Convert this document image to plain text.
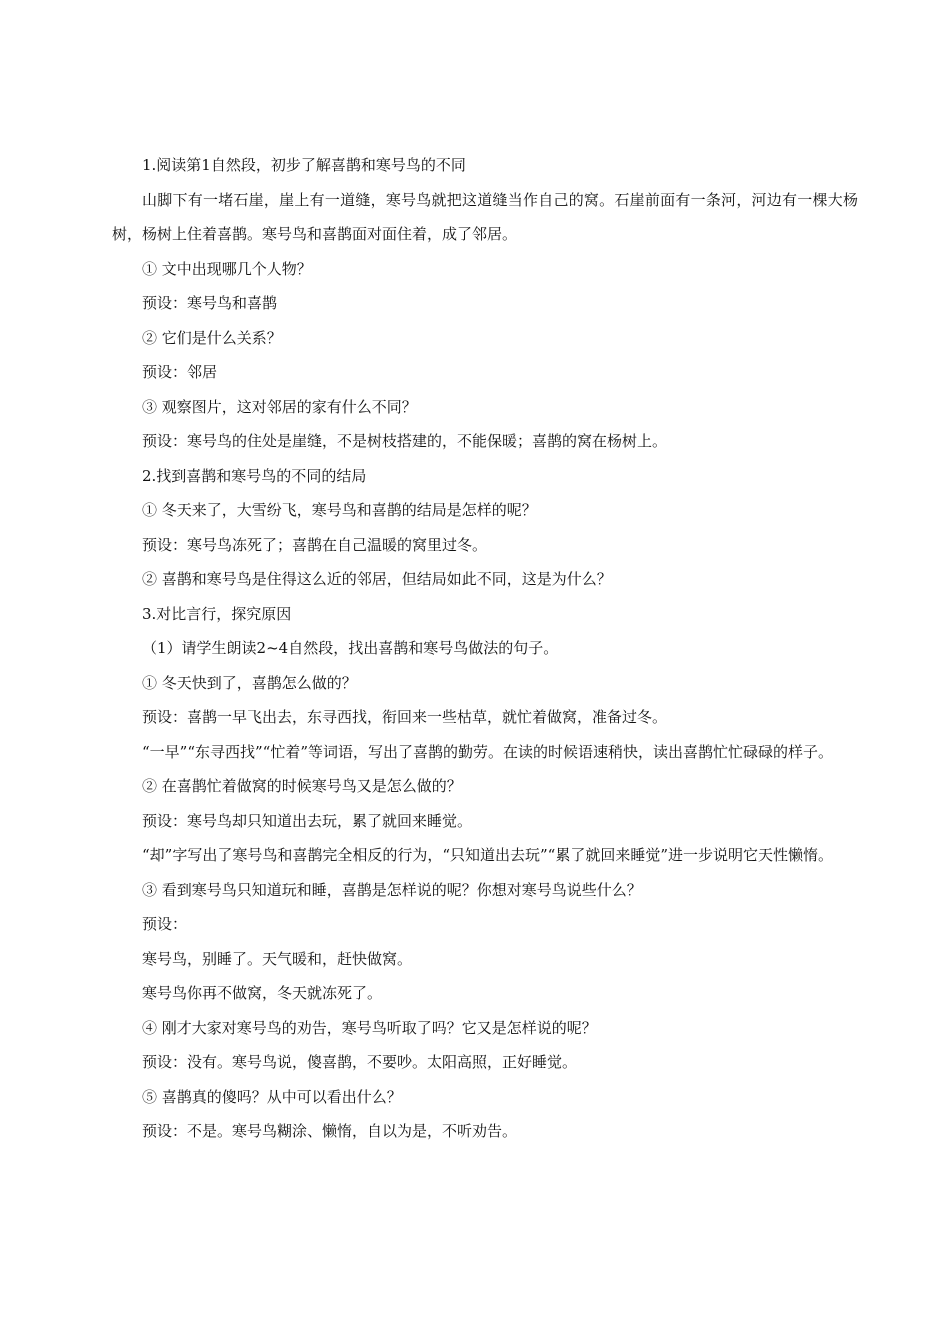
1.阅读第1自然段，初步了解喜鹊和寒号鸟的不同

山脚下有一堵石崖，崖上有一道缝，寒号鸟就把这道缝当作自己的窝。石崖前面有一条河，河边有一棵大杨树，杨树上住着喜鹊。寒号鸟和喜鹊面对面住着，成了邻居。

① 文中出现哪几个人物？

预设：寒号鸟和喜鹊

② 它们是什么关系？

预设：邻居

③ 观察图片，这对邻居的家有什么不同？

预设：寒号鸟的住处是崖缝，不是树枝搭建的，不能保暖；喜鹊的窝在杨树上。

2.找到喜鹊和寒号鸟的不同的结局

① 冬天来了，大雪纷飞，寒号鸟和喜鹊的结局是怎样的呢？

预设：寒号鸟冻死了；喜鹊在自己温暖的窝里过冬。

② 喜鹊和寒号鸟是住得这么近的邻居，但结局如此不同，这是为什么？

3.对比言行，探究原因

（1）请学生朗读2~4自然段，找出喜鹊和寒号鸟做法的句子。

① 冬天快到了，喜鹊怎么做的？

预设：喜鹊一早飞出去，东寻西找，衔回来一些枯草，就忙着做窝，准备过冬。

“一早”“东寻西找”“忙着”等词语，写出了喜鹊的勤劳。在读的时候语速稍快，读出喜鹊忙忙碌碌的样子。

② 在喜鹊忙着做窝的时候寒号鸟又是怎么做的？

预设：寒号鸟却只知道出去玩，累了就回来睡觉。

“却”字写出了寒号鸟和喜鹊完全相反的行为，“只知道出去玩”“累了就回来睡觉”进一步说明它天性懒惰。

③ 看到寒号鸟只知道玩和睡，喜鹊是怎样说的呢？你想对寒号鸟说些什么？

预设：

寒号鸟，别睡了。天气暖和，赶快做窝。

寒号鸟你再不做窝，冬天就冻死了。

④ 刚才大家对寒号鸟的劝告，寒号鸟听取了吗？它又是怎样说的呢？

预设：没有。寒号鸟说，傻喜鹊，不要吵。太阳高照，正好睡觉。

⑤ 喜鹊真的傻吗？从中可以看出什么？

预设：不是。寒号鸟糊涂、懒惰，自以为是，不听劝告。
